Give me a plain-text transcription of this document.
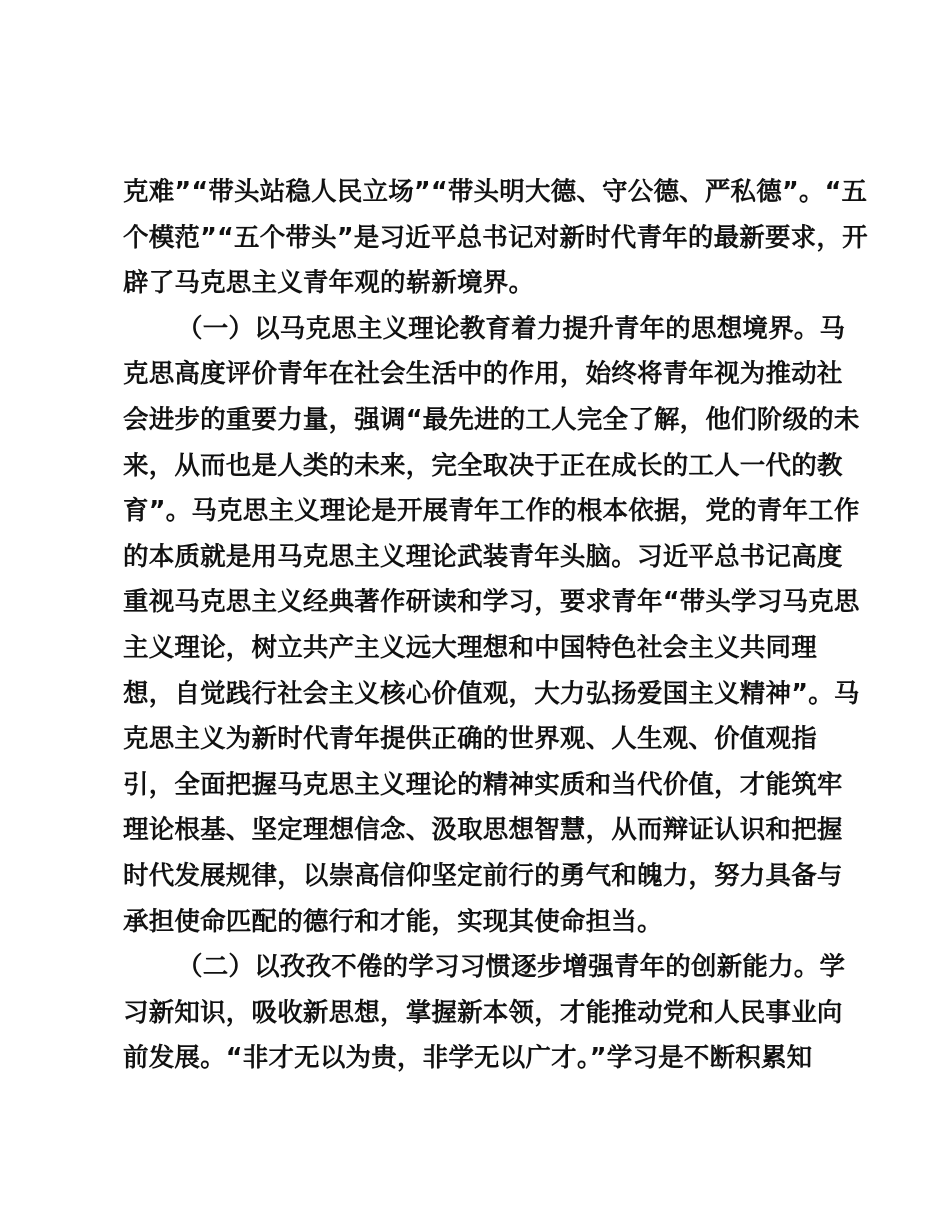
克难”“带头站稳人民立场”“带头明大德、守公德、严私德”。“五
个模范”“五个带头”是习近平总书记对新时代青年的最新要求，开
辟了马克思主义青年观的崭新境界。
（一）以马克思主义理论教育着力提升青年的思想境界。马
克思高度评价青年在社会生活中的作用，始终将青年视为推动社
会进步的重要力量，强调“最先进的工人完全了解，他们阶级的未
来，从而也是人类的未来，完全取决于正在成长的工人一代的教
育”。马克思主义理论是开展青年工作的根本依据，党的青年工作
的本质就是用马克思主义理论武装青年头脑。习近平总书记高度
重视马克思主义经典著作研读和学习，要求青年“带头学习马克思
主义理论，树立共产主义远大理想和中国特色社会主义共同理
想，自觉践行社会主义核心价值观，大力弘扬爱国主义精神”。马
克思主义为新时代青年提供正确的世界观、人生观、价值观指
引，全面把握马克思主义理论的精神实质和当代价值，才能筑牢
理论根基、坚定理想信念、汲取思想智慧，从而辩证认识和把握
时代发展规律，以崇高信仰坚定前行的勇气和魄力，努力具备与
承担使命匹配的德行和才能，实现其使命担当。
（二）以孜孜不倦的学习习惯逐步增强青年的创新能力。学
习新知识，吸收新思想，掌握新本领，才能推动党和人民事业向
前发展。“非才无以为贵，非学无以广才。”学习是不断积累知
